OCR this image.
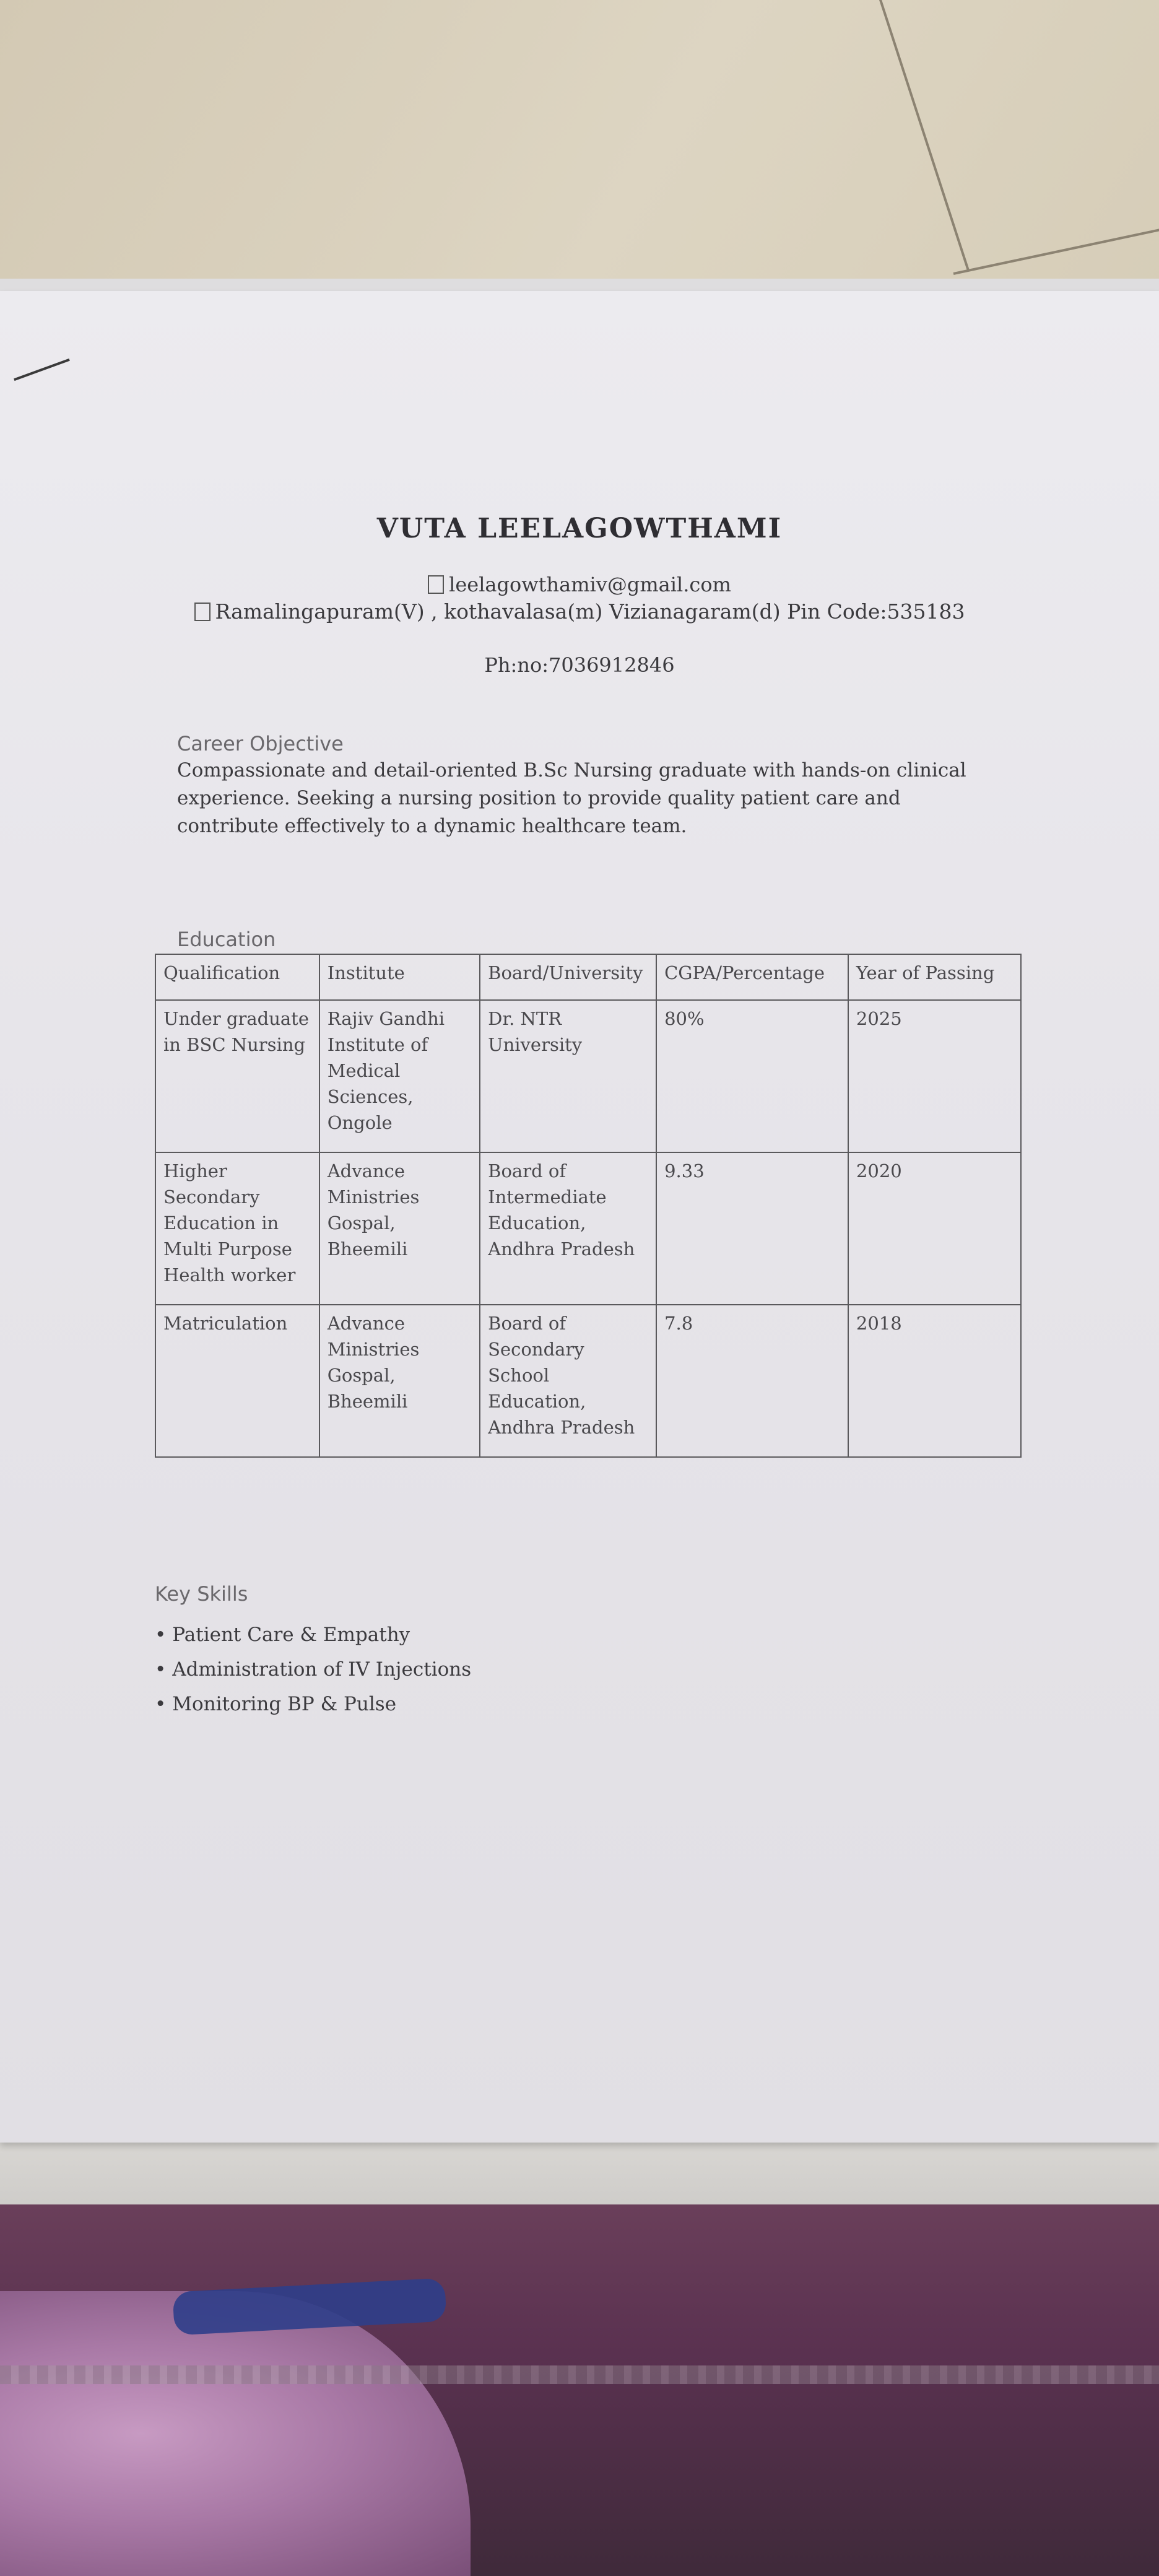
VUTA LEELAGOWTHAMI
leelagowthamiv@gmail.com
Ramalingapuram(V) , kothavalasa(m) Vizianagaram(d) Pin Code:535183
Ph:no:7036912846
Career Objective
Compassionate and detail-oriented B.Sc Nursing graduate with hands-on clinical experience. Seeking a nursing position to provide quality patient care and contribute effectively to a dynamic healthcare team.
Education
Qualification	Institute	Board/University	CGPA/Percentage	Year of Passing
Under graduate in BSC Nursing	Rajiv Gandhi Institute of Medical Sciences, Ongole	Dr. NTR University	80%	2025
Higher Secondary Education in Multi Purpose Health worker	Advance Ministries Gospal, Bheemili	Board of Intermediate Education, Andhra Pradesh	9.33	2020
Matriculation	Advance Ministries Gospal, Bheemili	Board of Secondary School Education, Andhra Pradesh	7.8	2018
Key Skills
• Patient Care & Empathy
• Administration of IV Injections
• Monitoring BP & Pulse
